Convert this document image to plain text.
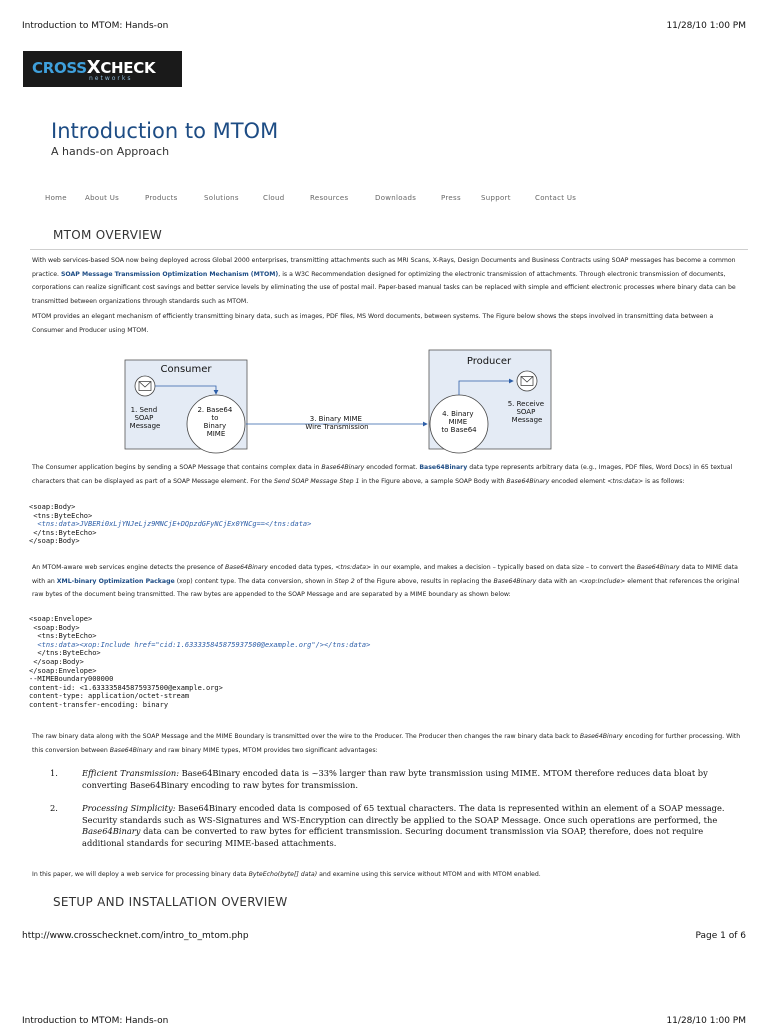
Introduction to MTOM: Hands-on	11/28/10 1:00 PM
CROSSXCHECK
networks
Introduction to MTOM
A hands-on Approach
Home	About Us	Products	Solutions	Cloud	Resources	Downloads	Press	Support	Contact Us
MTOM OVERVIEW
With web services-based SOA now being deployed across Global 2000 enterprises, transmitting attachments such as MRI Scans, X-Rays, Design Documents and Business Contracts using SOAP messages has become a common practice. SOAP Message Transmission Optimization Mechanism (MTOM), is a W3C Recommendation designed for optimizing the electronic transmission of attachments. Through electronic transmission of documents, corporations can realize significant cost savings and better service levels by eliminating the use of postal mail. Paper-based manual tasks can be replaced with simple and efficient electronic processes where binary data can be transmitted between organizations through standards such as MTOM.
MTOM provides an elegant mechanism of efficiently transmitting binary data, such as images, PDF files, MS Word documents, between systems. The Figure below shows the steps involved in transmitting data between a Consumer and Producer using MTOM.
Consumer
1. Send SOAP Message
2. Base64 to Binary MIME
3. Binary MIME Wire Transmission
Producer
4. Binary MIME to Base64
5. Receive SOAP Message
The Consumer application begins by sending a SOAP Message that contains complex data in Base64Binary encoded format. Base64Binary data type represents arbitrary data (e.g., Images, PDF files, Word Docs) in 65 textual characters that can be displayed as part of a SOAP Message element. For the Send SOAP Message Step 1 in the Figure above, a sample SOAP Body with Base64Binary encoded element <tns:data> is as follows:
<soap:Body>
<tns:ByteEcho>
<tns:data>JVBERi0xLjYNJeLjz9MNCjE+DQpzdGFyNCjEx0YNCg==</tns:data>
</tns:ByteEcho>
</soap:Body>
An MTOM-aware web services engine detects the presence of Base64Binary encoded data types, <tns:data> in our example, and makes a decision – typically based on data size – to convert the Base64Binary data to MIME data with an XML-binary Optimization Package (xop) content type. The data conversion, shown in Step 2 of the Figure above, results in replacing the Base64Binary data with an <xop:Include> element that references the original raw bytes of the document being transmitted. The raw bytes are appended to the SOAP Message and are separated by a MIME boundary as shown below:
<soap:Envelope>
<soap:Body>
<tns:ByteEcho>
<tns:data><xop:Include href="cid:1.633335845875937500@example.org"/></tns:data>
</tns:ByteEcho>
</soap:Body>
</soap:Envelope>
--MIMEBoundary000000
content-id: <1.633335845875937500@example.org>
content-type: application/octet-stream
content-transfer-encoding: binary
The raw binary data along with the SOAP Message and the MIME Boundary is transmitted over the wire to the Producer. The Producer then changes the raw binary data back to Base64Binary encoding for further processing. With this conversion between Base64Binary and raw binary MIME types, MTOM provides two significant advantages:
1.	Efficient Transmission: Base64Binary encoded data is ~33% larger than raw byte transmission using MIME. MTOM therefore reduces data bloat by converting Base64Binary encoding to raw bytes for transmission.
2.	Processing Simplicity: Base64Binary encoded data is composed of 65 textual characters. The data is represented within an element of a SOAP message. Security standards such as WS-Signatures and WS-Encryption can directly be applied to the SOAP Message. Once such operations are performed, the Base64Binary data can be converted to raw bytes for efficient transmission. Securing document transmission via SOAP, therefore, does not require additional standards for securing MIME-based attachments.
In this paper, we will deploy a web service for processing binary data ByteEcho(byte[] data) and examine using this service without MTOM and with MTOM enabled.
SETUP AND INSTALLATION OVERVIEW
http://www.crosschecknet.com/intro_to_mtom.php	Page 1 of 6
Introduction to MTOM: Hands-on	11/28/10 1:00 PM
